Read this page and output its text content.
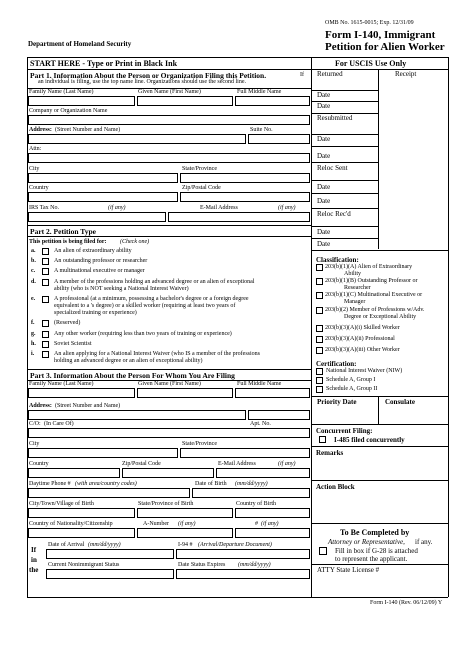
OMB No. 1615-0015; Exp. 12/31/09
Department of Homeland Security
Form I-140, Immigrant
Petition for Alien Worker
START HERE - Type or Print in Black Ink	For USCIS Use Only
Part 1. Information About the Person or Organization Filing this Petition.	If
an individual is filing, use the top name line. Organizations should use the second line.
Family Name (Last Name)	Given Name (First Name)	Full Middle Name
Company or Organization Name
Address: (Street Number and Name)	Suite No.
Attn:
City	State/Province
Country	Zip/Postal Code
IRS Tax No.	(if any)	E-Mail Address	(if any)
Part 2. Petition Type
This petition is being filed for: (Check one)
a.	An alien of extraordinary ability
b.	An outstanding professor or researcher
c.	A multinational executive or manager
d.	A member of the professions holding an advanced degree or an alien of exceptional
ability (who is NOT seeking a National Interest Waiver)
e.	A professional (at a minimum, possessing a bachelor's degree or a foreign degree
equivalent to a 's degree) or a skilled worker (requiring at least two years of
specialized training or experience)
f.	(Reserved)
g.	Any other worker (requiring less than two years of training or experience)
h.	Soviet Scientist
i.	An alien applying for a National Interest Waiver (who IS a member of the professions
holding an advanced degree or an alien of exceptional ability)
Part 3. Information About the Person For Whom You Are Filing
Family Name (Last Name)	Given Name (First Name)	Full Middle Name
Address: (Street Number and Name)
Apt. No.
C/O: (In Care Of)
City	State/Province
Country	Zip/Postal Code	E-Mail Address	(if any)
Daytime Phone # (with area/country codes)	Date of Birth (mm/dd/yyyy)
City/Town/Village of Birth	State/Province of Birth	Country of Birth
Country of Nationality/Citizenship	A-Number (if any)	# (if any)
If
in
the
Date of Arrival (mm/dd/yyyy)	I-94 # (Arrival/Departure Document)
Current Nonimmigrant Status	Date Status Expires (mm/dd/yyyy)
Returned	Receipt
Date
Date
Resubmitted
Date
Date
Reloc Sent
Date
Date
Reloc Rec'd
Date
Date
Classification:
203(b)(1)(A) Alien of Extraordinary
Ability
203(b)(1)(B) Outstanding Professor or
Researcher
203(b)(1)(C) Multinational Executive or
Manager
203(b)(2) Member of Professions w/Adv.
Degree or Exceptional Ability
203(b)(3)(A)(i) Skilled Worker
203(b)(3)(A)(ii) Professional
203(b)(3)(A)(iii) Other Worker
Certification:
National Interest Waiver (NIW)
Schedule A, Group I
Schedule A, Group II
Priority Date	Consulate
Concurrent Filing:
I-485 filed concurrently
Remarks
Action Block
To Be Completed by
Attorney or Representative, if any.
Fill in box if G-28 is attached
to represent the applicant.
ATTY State License #
Form I-140 (Rev. 06/12/09) Y
